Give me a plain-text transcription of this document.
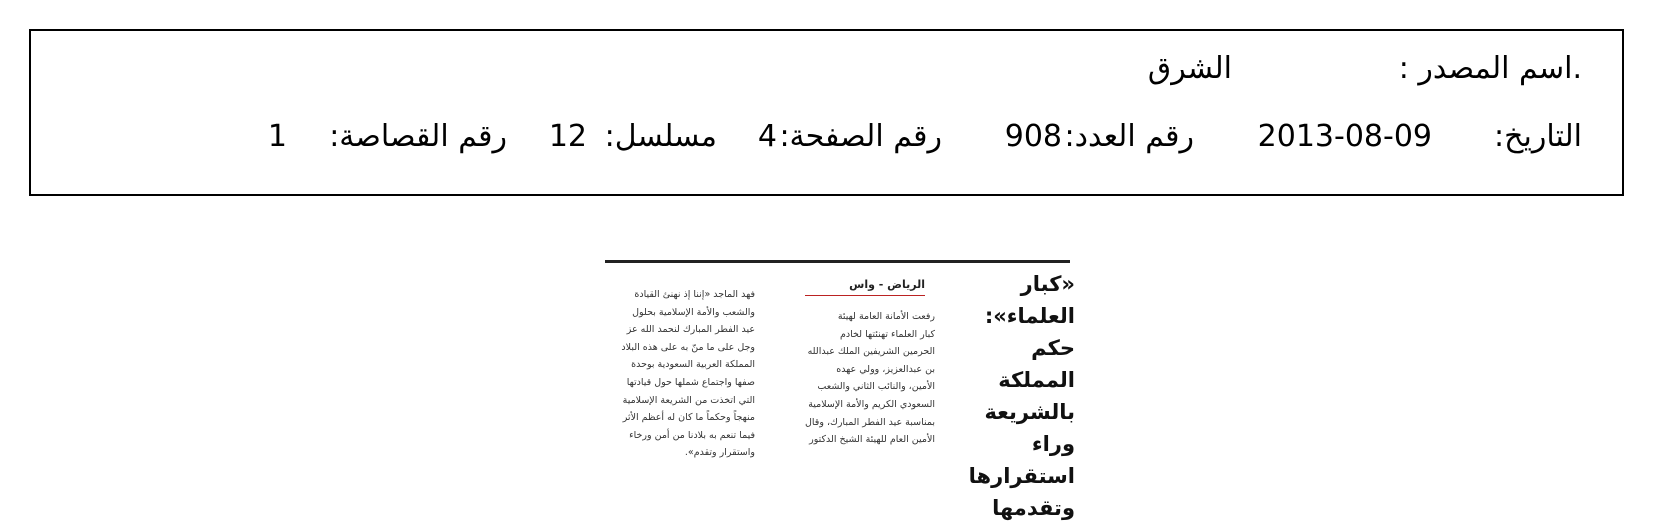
.اسم المصدر :
الشرق
التاريخ:
2013-08-09
رقم العدد:
908
رقم الصفحة:
4
مسلسل:
12
رقم القصاصة:
1
«كبار العلماء»: حكم المملكة بالشريعة وراء استقرارها وتقدمها
الرياض - واس
رفعت الأمانة العامة لهيئة
كبار العلماء تهنئتها لخادم
الحرمين الشريفين الملك عبدالله
بن عبدالعزيز، وولي عهده
الأمين، والنائب الثاني والشعب
السعودي الكريم والأمة الإسلامية
بمناسبة عيد الفطر المبارك، وقال
الأمين العام للهيئة الشيخ الدكتور
فهد الماجد «إننا إذ نهنئ القيادة
والشعب والأمة الإسلامية بحلول
عيد الفطر المبارك لنحمد الله عز
وجل على ما منّ به على هذه البلاد
المملكة العربية السعودية بوحدة
صفها واجتماع شملها حول قيادتها
التي اتخذت من الشريعة الإسلامية
منهجاً وحكماً ما كان له أعظم الأثر
فيما تنعم به بلادنا من أمن ورخاء
واستقرار وتقدم».
